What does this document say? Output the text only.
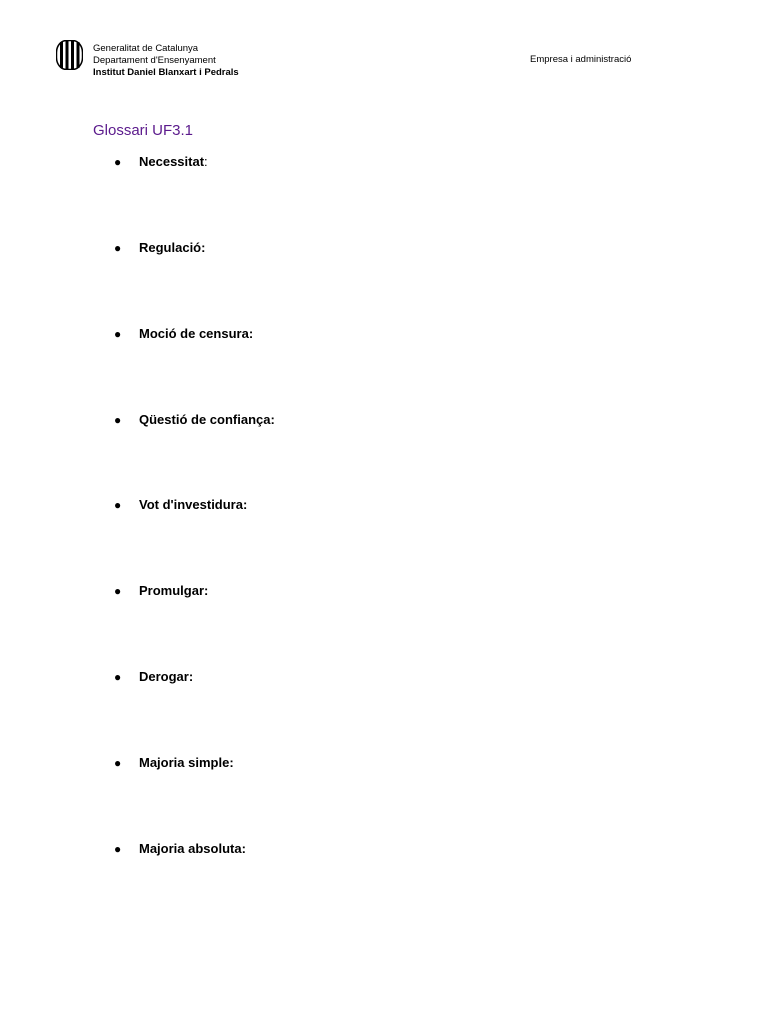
Generalitat de Catalunya
Departament d'Ensenyament
Institut Daniel Blanxart i Pedrals
Empresa i administració
Glossari UF3.1
● Necessitat:
● Regulació:
● Moció de censura:
● Qüestió de confiança:
● Vot d'investidura:
● Promulgar:
● Derogar:
● Majoria simple:
● Majoria absoluta:
